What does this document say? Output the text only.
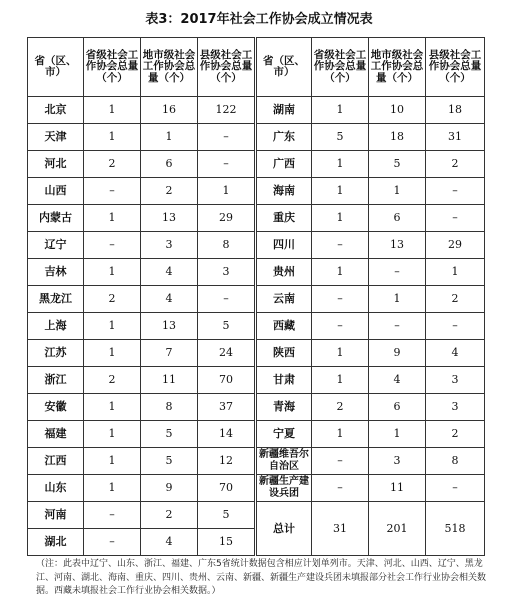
表3：2017年社会工作协会成立情况表
省（区、市）	省级社会工作协会总量（个）	地市级社会工作协会总量（个）	县级社会工作协会总量（个）	省（区、市）	省级社会工作协会总量（个）	地市级社会工作协会总量（个）	县级社会工作协会总量（个）
北京	1	16	122	湖南	1	10	18
天津	1	1	–	广东	5	18	31
河北	2	6	–	广西	1	5	2
山西	–	2	1	海南	1	1	–
内蒙古	1	13	29	重庆	1	6	–
辽宁	–	3	8	四川	–	13	29
吉林	1	4	3	贵州	1	–	1
黑龙江	2	4	–	云南	–	1	2
上海	1	13	5	西藏	–	–	–
江苏	1	7	24	陕西	1	9	4
浙江	2	11	70	甘肃	1	4	3
安徽	1	8	37	青海	2	6	3
福建	1	5	14	宁夏	1	1	2
江西	1	5	12	新疆维吾尔自治区	–	3	8
山东	1	9	70	新疆生产建设兵团	–	11	–
河南	–	2	5	总计	31	201	518
湖北	–	4	15				
（注：此表中辽宁、山东、浙江、福建、广东5省统计数据包含相应计划单列市。天津、河北、山西、辽宁、黑龙江、河南、湖北、海南、重庆、四川、贵州、云南、新疆、新疆生产建设兵团未填报部分社会工作行业协会相关数据。西藏未填报社会工作行业协会相关数据。）
